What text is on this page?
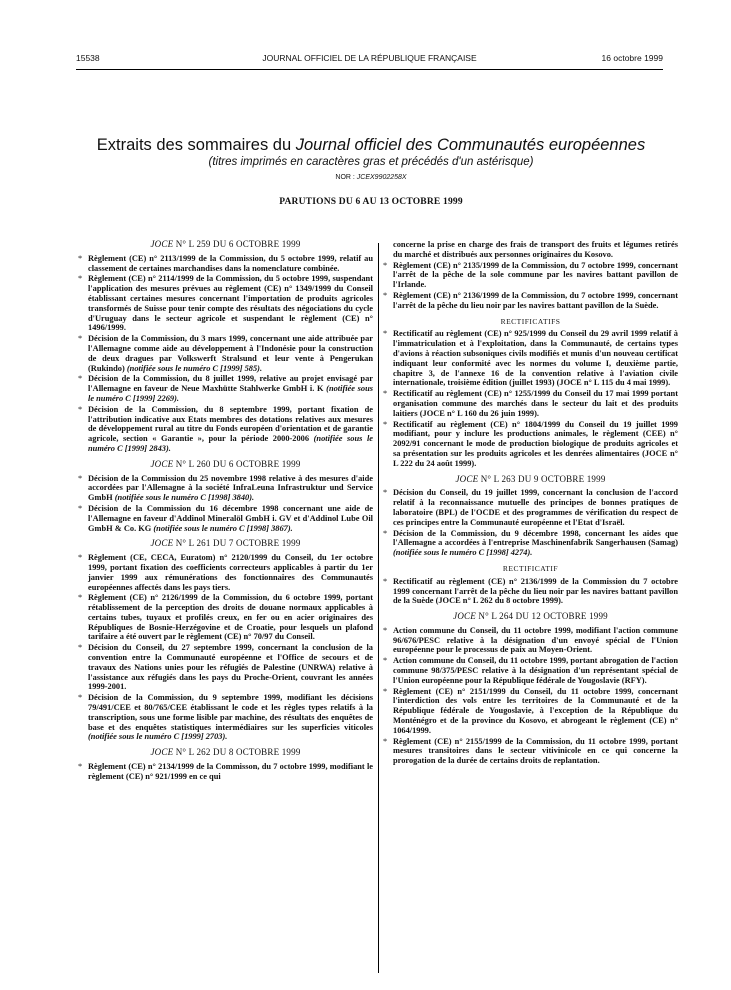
15538	JOURNAL OFFICIEL DE LA RÉPUBLIQUE FRANÇAISE	16 octobre 1999
Extraits des sommaires du Journal officiel des Communautés européennes
(titres imprimés en caractères gras et précédés d'un astérisque)
NOR : JCEX9902258X
PARUTIONS DU 6 AU 13 OCTOBRE 1999
JOCE N° L 259 DU 6 OCTOBRE 1999
* Règlement (CE) n° 2113/1999 de la Commission, du 5 octobre 1999, relatif au classement de certaines marchandises dans la nomenclature combinée.
* Règlement (CE) n° 2114/1999 de la Commission, du 5 octobre 1999, suspendant l'application des mesures prévues au règlement (CE) n° 1349/1999 du Conseil établissant certaines mesures concernant l'importation de produits agricoles transformés de Suisse pour tenir compte des résultats des négociations du cycle d'Uruguay dans le secteur agricole et suspendant le règlement (CE) n° 1496/1999.
* Décision de la Commission, du 3 mars 1999, concernant une aide attribuée par l'Allemagne comme aide au développement à l'Indonésie pour la construction de deux dragues par Volkswerft Stralsund et leur vente à Pengerukan (Rukindo) (notifiée sous le numéro C [1999] 585).
* Décision de la Commission, du 8 juillet 1999, relative au projet envisagé par l'Allemagne en faveur de Neue Maxhütte Stahlwerke GmbH i. K (notifiée sous le numéro C [1999] 2269).
* Décision de la Commission, du 8 septembre 1999, portant fixation de l'attribution indicative aux Etats membres des dotations relatives aux mesures de développement rural au titre du Fonds européen d'orientation et de garantie agricole, section « Garantie », pour la période 2000-2006 (notifiée sous le numéro C [1999] 2843).
JOCE N° L 260 DU 6 OCTOBRE 1999
* Décision de la Commission du 25 novembre 1998 relative à des mesures d'aide accordées par l'Allemagne à la société InfraLeuna Infrastruktur und Service GmbH (notifiée sous le numéro C [1998] 3840).
* Décision de la Commission du 16 décembre 1998 concernant une aide de l'Allemagne en faveur d'Addinol Mineralöl GmbH i. GV et d'Addinol Lube Oil GmbH & Co. KG (notifiée sous le numéro C [1998] 3867).
JOCE N° L 261 DU 7 OCTOBRE 1999
* Règlement (CE, CECA, Euratom) n° 2120/1999 du Conseil, du 1er octobre 1999, portant fixation des coefficients correcteurs applicables à partir du 1er janvier 1999 aux rémunérations des fonctionnaires des Communautés européennes affectés dans les pays tiers.
* Règlement (CE) n° 2126/1999 de la Commission, du 6 octobre 1999, portant rétablissement de la perception des droits de douane normaux applicables à certains tubes, tuyaux et profilés creux, en fer ou en acier originaires des Républiques de Bosnie-Herzégovine et de Croatie, pour lesquels un plafond tarifaire a été ouvert par le règlement (CE) n° 70/97 du Conseil.
* Décision du Conseil, du 27 septembre 1999, concernant la conclusion de la convention entre la Communauté européenne et l'Office de secours et de travaux des Nations unies pour les réfugiés de Palestine (UNRWA) relative à l'assistance aux réfugiés dans les pays du Proche-Orient, couvrant les années 1999-2001.
* Décision de la Commission, du 9 septembre 1999, modifiant les décisions 79/491/CEE et 80/765/CEE établissant le code et les règles types relatifs à la transcription, sous une forme lisible par machine, des résultats des enquêtes de base et des enquêtes statistiques intermédiaires sur les superficies viticoles (notifiée sous le numéro C [1999] 2703).
JOCE N° L 262 DU 8 OCTOBRE 1999
* Règlement (CE) n° 2134/1999 de la Commisson, du 7 octobre 1999, modifiant le règlement (CE) n° 921/1999 en ce qui
concerne la prise en charge des frais de transport des fruits et légumes retirés du marché et distribués aux personnes originaires du Kosovo.
* Règlement (CE) n° 2135/1999 de la Commission, du 7 octobre 1999, concernant l'arrêt de la pêche de la sole commune par les navires battant pavillon de l'Irlande.
* Règlement (CE) n° 2136/1999 de la Commission, du 7 octobre 1999, concernant l'arrêt de la pêche du lieu noir par les navires battant pavillon de la Suède.
RECTIFICATIFS
* Rectificatif au règlement (CE) n° 925/1999 du Conseil du 29 avril 1999 relatif à l'immatriculation et à l'exploitation, dans la Communauté, de certains types d'avions à réaction subsoniques civils modifiés et munis d'un nouveau certificat indiquant leur conformité avec les normes du volume I, deuxième partie, chapitre 3, de l'annexe 16 de la convention relative à l'aviation civile internationale, troisième édition (juillet 1993) (JOCE n° L 115 du 4 mai 1999).
* Rectificatif au règlement (CE) n° 1255/1999 du Conseil du 17 mai 1999 portant organisation commune des marchés dans le secteur du lait et des produits laitiers (JOCE n° L 160 du 26 juin 1999).
* Rectificatif au règlement (CE) n° 1804/1999 du Conseil du 19 juillet 1999 modifiant, pour y inclure les productions animales, le règlement (CEE) n° 2092/91 concernant le mode de production biologique de produits agricoles et sa présentation sur les produits agricoles et les denrées alimentaires (JOCE n° L 222 du 24 août 1999).
JOCE N° L 263 DU 9 OCTOBRE 1999
* Décision du Conseil, du 19 juillet 1999, concernant la conclusion de l'accord relatif à la reconnaissance mutuelle des principes de bonnes pratiques de laboratoire (BPL) de l'OCDE et des programmes de vérification du respect de ces principes entre la Communauté européenne et l'Etat d'Israël.
* Décision de la Commission, du 9 décembre 1998, concernant les aides que l'Allemagne a accordées à l'entreprise Maschinenfabrik Sangerhausen (Samag) (notifiée sous le numéro C [1998] 4274).
RECTIFICATIF
* Rectificatif au règlement (CE) n° 2136/1999 de la Commission du 7 octobre 1999 concernant l'arrêt de la pêche du lieu noir par les navires battant pavillon de la Suède (JOCE n° L 262 du 8 octobre 1999).
JOCE N° L 264 DU 12 OCTOBRE 1999
* Action commune du Conseil, du 11 octobre 1999, modifiant l'action commune 96/676/PESC relative à la désignation d'un envoyé spécial de l'Union européenne pour le processus de paix au Moyen-Orient.
* Action commune du Conseil, du 11 octobre 1999, portant abrogation de l'action commune 98/375/PESC relative à la désignation d'un représentant spécial de l'Union européenne pour la République fédérale de Yougoslavie (RFY).
* Règlement (CE) n° 2151/1999 du Conseil, du 11 octobre 1999, concernant l'interdiction des vols entre les territoires de la Communauté et de la République fédérale de Yougoslavie, à l'exception de la République du Monténégro et de la province du Kosovo, et abrogeant le règlement (CE) n° 1064/1999.
* Règlement (CE) n° 2155/1999 de la Commission, du 11 octobre 1999, portant mesures transitoires dans le secteur vitivinicole en ce qui concerne la prorogation de la durée de certains droits de replantation.
